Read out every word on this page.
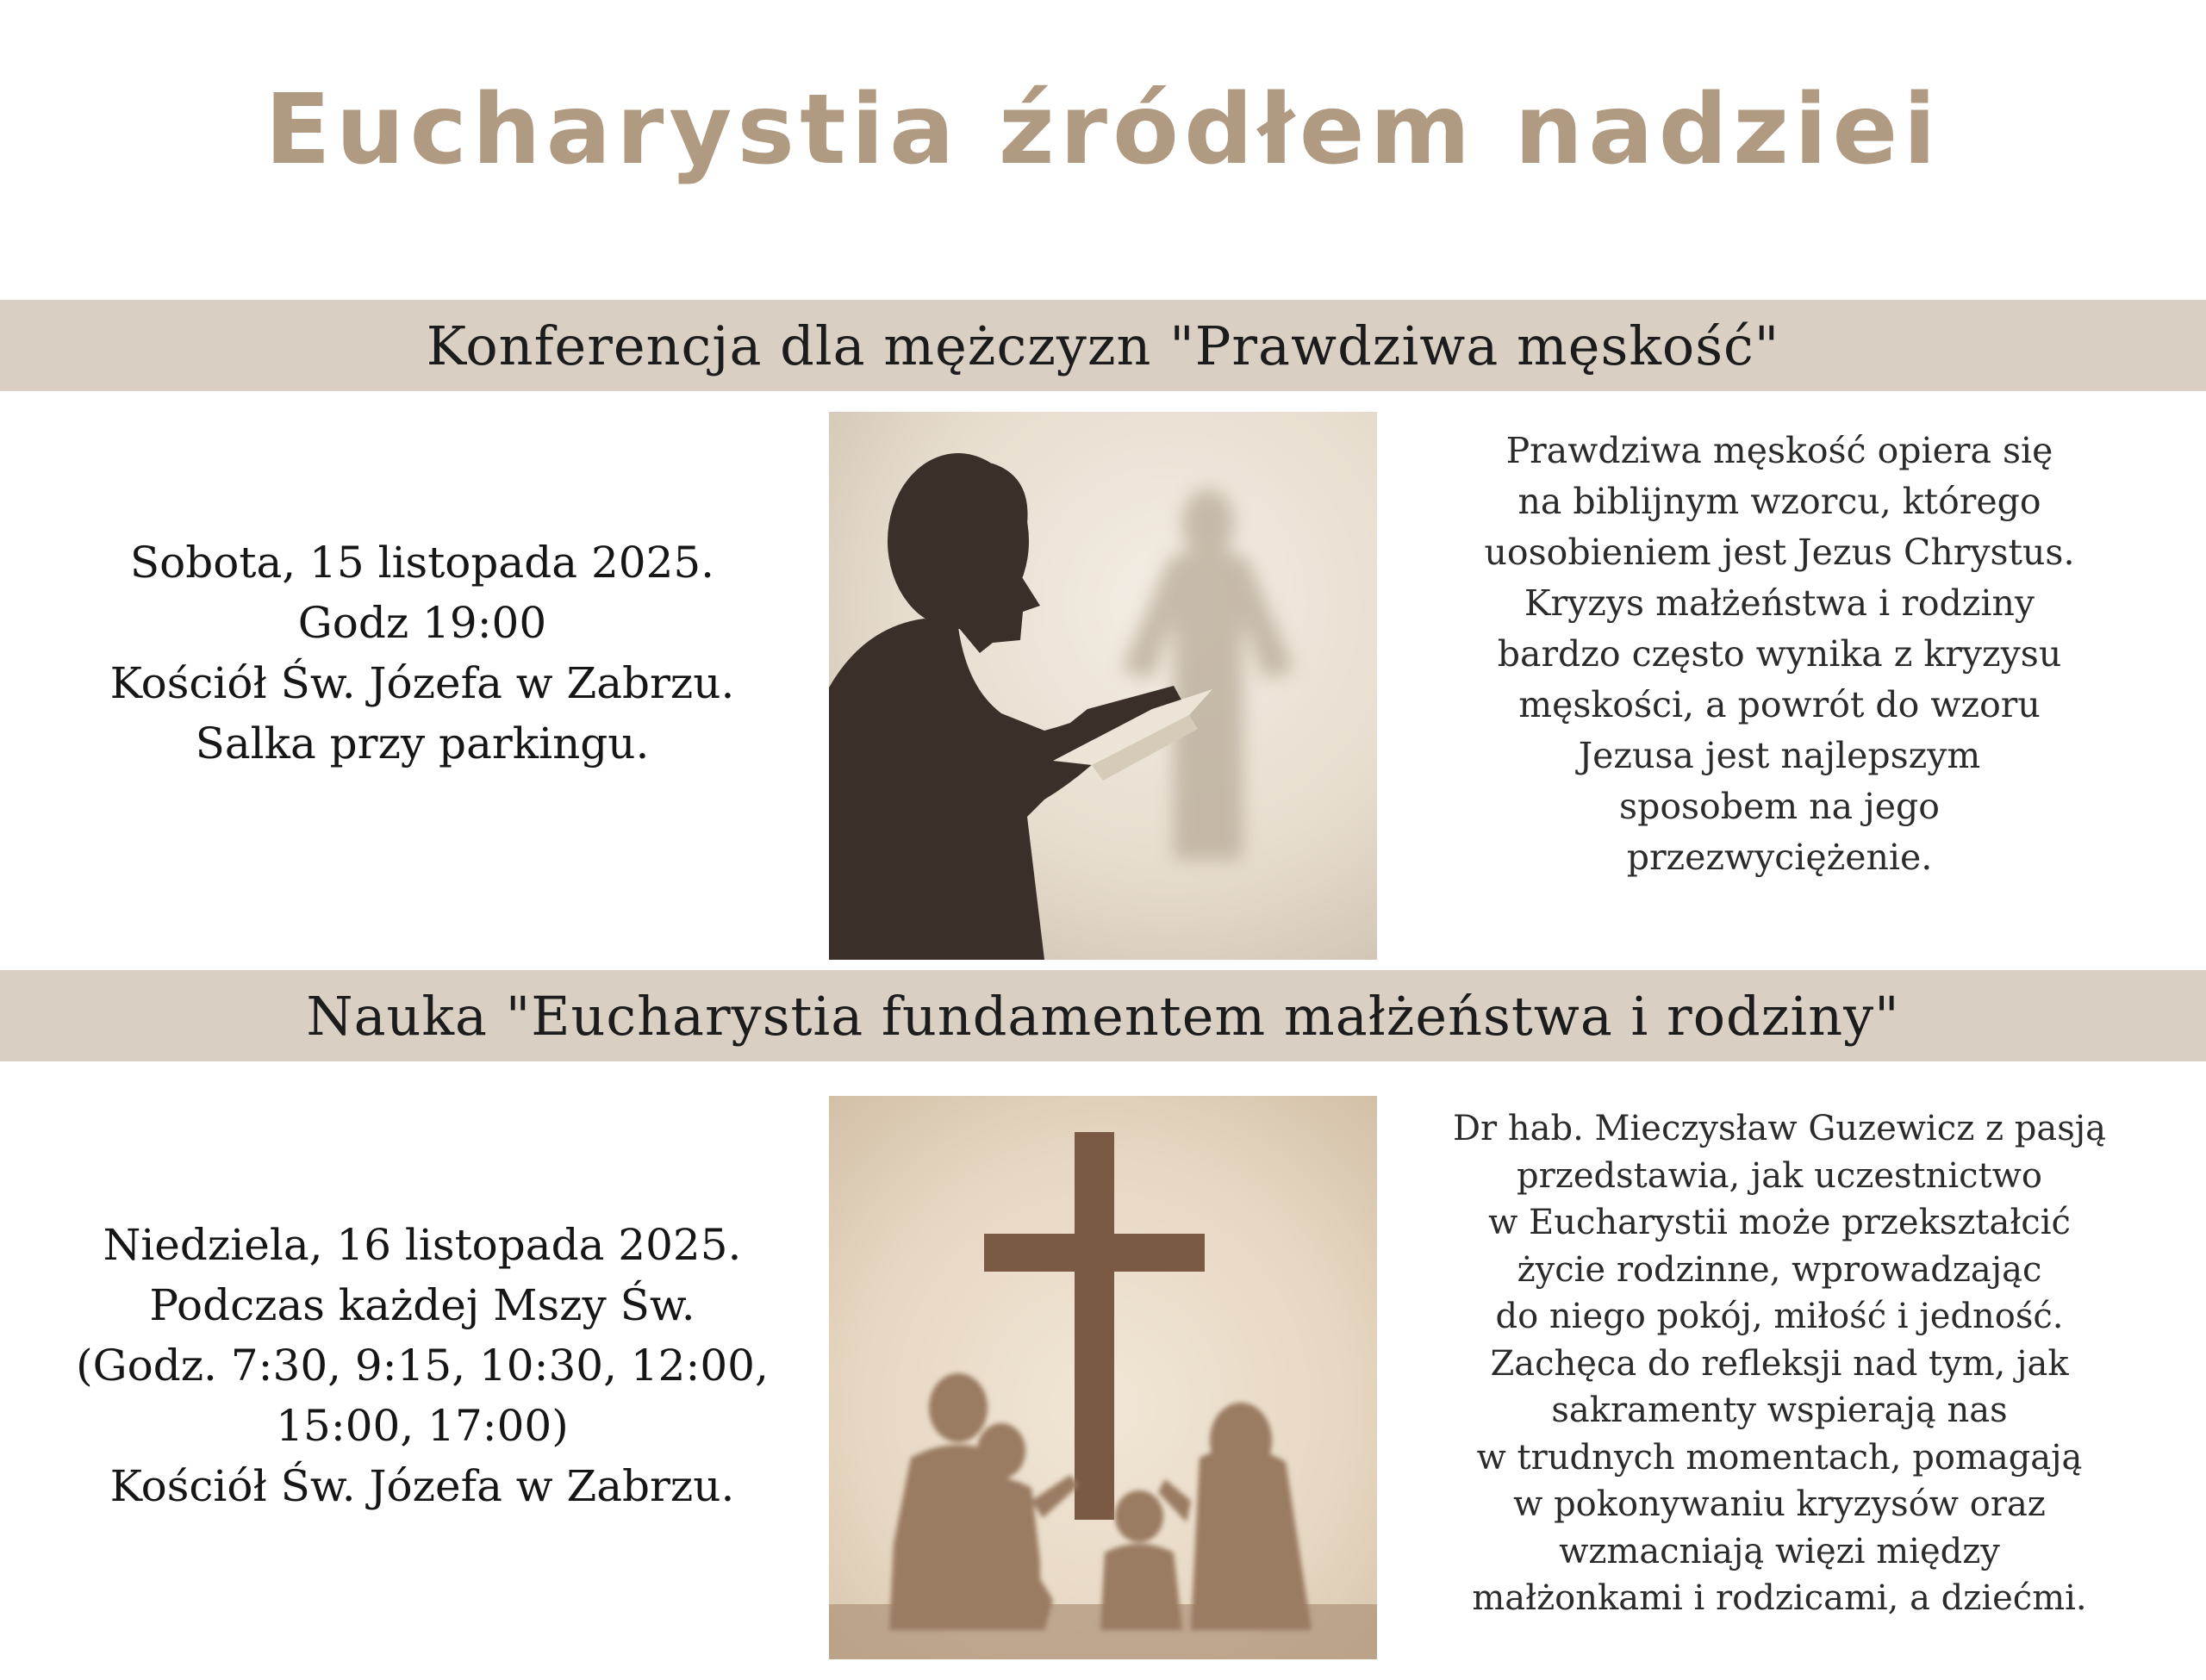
Eucharystia źródłem nadziei
Konferencja dla mężczyzn "Prawdziwa męskość"
Sobota, 15 listopada 2025.
Godz 19:00
Kościół Św. Józefa w Zabrzu.
Salka przy parkingu.
Prawdziwa męskość opiera się
na biblijnym wzorcu, którego
uosobieniem jest Jezus Chrystus.
Kryzys małżeństwa i rodziny
bardzo często wynika z kryzysu
męskości, a powrót do wzoru
Jezusa jest najlepszym
sposobem na jego
przezwyciężenie.
Nauka "Eucharystia fundamentem małżeństwa i rodziny"
Niedziela, 16 listopada 2025.
Podczas każdej Mszy Św.
(Godz. 7:30, 9:15, 10:30, 12:00,
15:00, 17:00)
Kościół Św. Józefa w Zabrzu.
Dr hab. Mieczysław Guzewicz z pasją
przedstawia, jak uczestnictwo
w Eucharystii może przekształcić
życie rodzinne, wprowadzając
do niego pokój, miłość i jedność.
Zachęca do refleksji nad tym, jak
sakramenty wspierają nas
w trudnych momentach, pomagają
w pokonywaniu kryzysów oraz
wzmacniają więzi między
małżonkami i rodzicami, a dziećmi.
